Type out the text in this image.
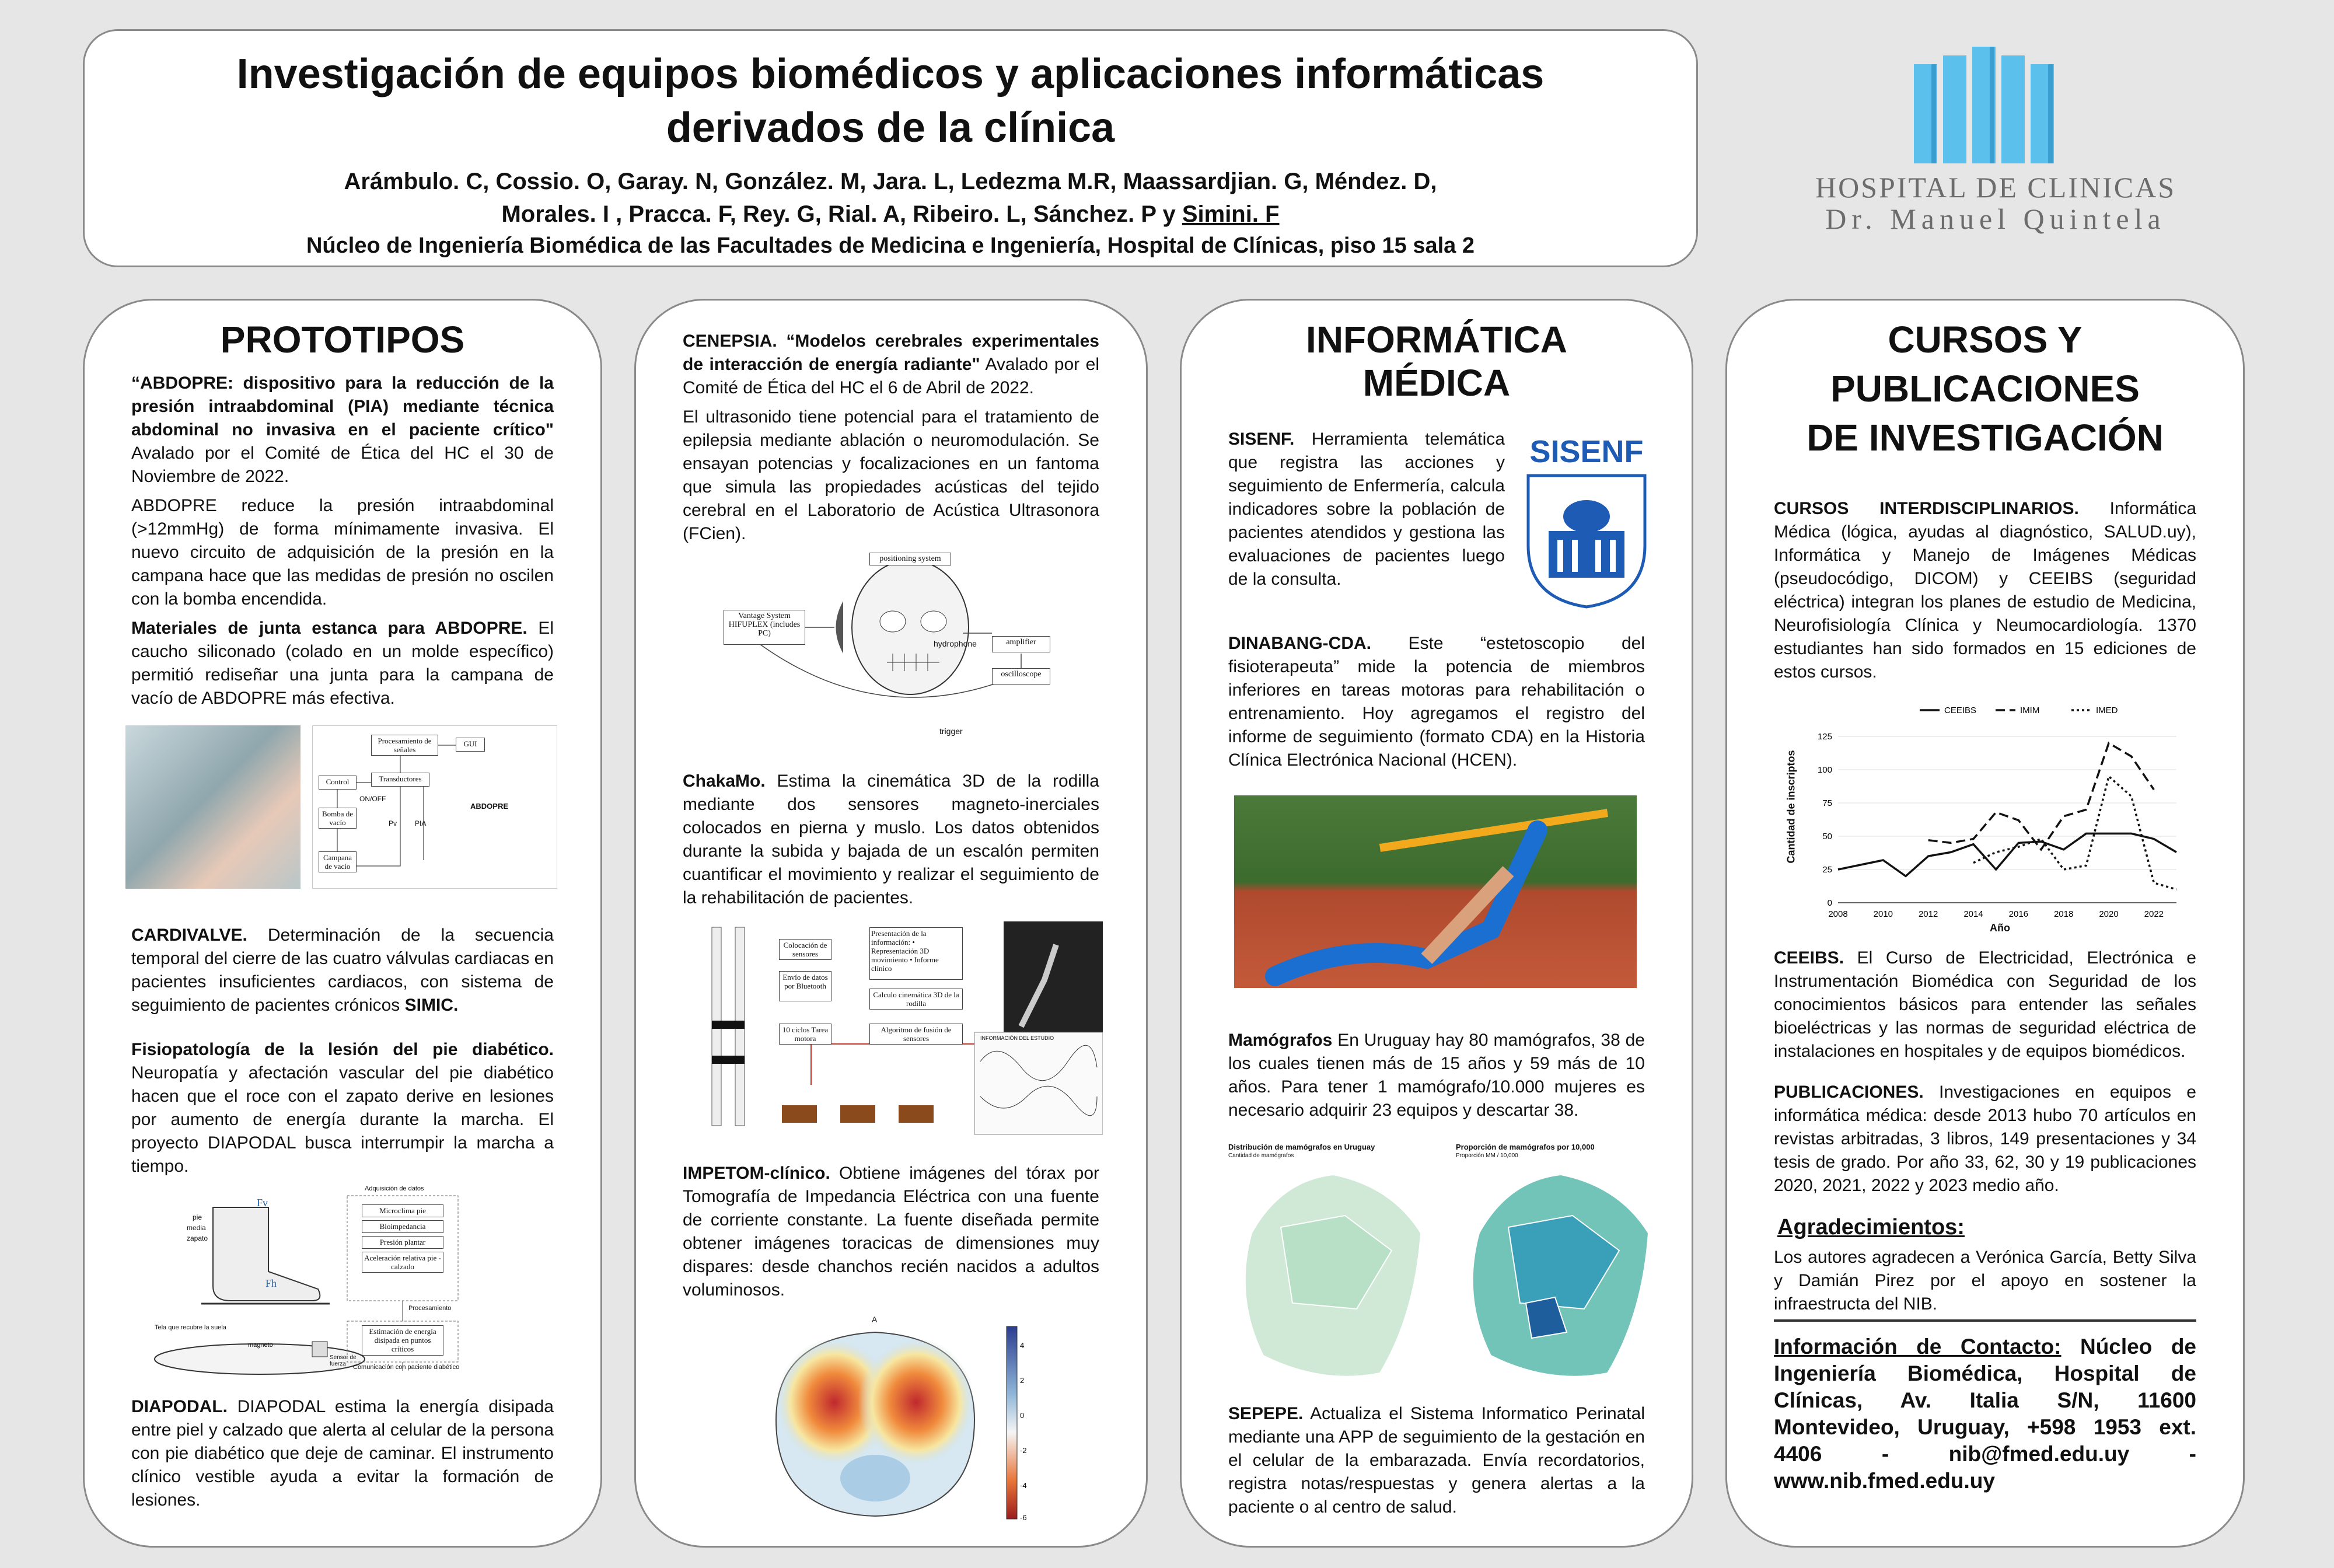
Investigación de equipos biomédicos y aplicaciones informáticas
derivados de la clínica
Arámbulo. C, Cossio. O, Garay. N, González. M, Jara. L, Ledezma M.R, Maassardjian. G, Méndez. D,
Morales. I , Pracca. F, Rey. G, Rial. A, Ribeiro. L, Sánchez. P y Simini. F
Núcleo de Ingeniería Biomédica de las Facultades de Medicina e Ingeniería, Hospital de Clínicas, piso 15 sala 2
HOSPITAL DE CLINICAS
Dr. Manuel Quintela
PROTOTIPOS

“ABDOPRE: dispositivo para la reducción de la presión intraabdominal (PIA) mediante técnica abdominal no invasiva en el paciente crítico" Avalado por el Comité de Ética del HC el 30 de Noviembre de 2022.

ABDOPRE reduce la presión intraabdominal (>12mmHg) de forma mínimamente invasiva. El nuevo circuito de adquisición de la presión en la campana hace que las medidas de presión no oscilen con la bomba encendida.

Materiales de junta estanca para ABDOPRE. El caucho siliconado (colado en un molde específico) permitió rediseñar una junta para la campana de vacío de ABDOPRE más efectiva.

Procesamiento de señales
GUI
Control	Transductores
Bomba de vacío
Campana de vacío
ON/OFF
Pv	PIA
ABDOPRE

CARDIVALVE. Determinación de la secuencia temporal del cierre de las cuatro válvulas cardiacas en pacientes insuficientes cardiacos, con sistema de seguimiento de pacientes crónicos SIMIC.

Fisiopatología de la lesión del pie diabético. Neuropatía y afectación vascular del pie diabético hacen que el roce con el zapato derive en lesiones por aumento de energía durante la marcha. El proyecto DIAPODAL busca interrumpir la marcha a tiempo.

Fv
pie
media
zapato
Fh
Tela que recubre la suela
magneto
Sensor de fuerza
Adquisición de datos
Microclima pie
Bioimpedancia
Presión plantar
Aceleración relativa pie - calzado
Procesamiento
Estimación de energía disipada en puntos críticos
Comunicación con paciente diabético

DIAPODAL. DIAPODAL estima la energía disipada entre piel y calzado que alerta al celular de la persona con pie diabético que deje de caminar. El instrumento clínico vestible ayuda a evitar la formación de lesiones.

CENEPSIA. “Modelos cerebrales experimentales de interacción de energía radiante" Avalado por el Comité de Ética del HC el 6 de Abril de 2022.

El ultrasonido tiene potencial para el tratamiento de epilepsia mediante ablación o neuromodulación. Se ensayan potencias y focalizaciones en un fantoma que simula las propiedades acústicas del tejido cerebral en el Laboratorio de Acústica Ultrasonora (FCien).

positioning system
Vantage System HIFUPLEX (includes PC)
hydrophone	amplifier
oscilloscope
trigger

ChakaMo. Estima la cinemática 3D de la rodilla mediante dos sensores magneto-inerciales colocados en pierna y muslo. Los datos obtenidos durante la subida y bajada de un escalón permiten cuantificar el movimiento y realizar el seguimiento de la rehabilitación de pacientes.

Colocación de sensores
Envío de datos por Bluetooth
10 ciclos Tarea motora
Presentación de la información: • Representación 3D movimiento • Informe clínico
Calculo cinemática 3D de la rodilla
Algoritmo de fusión de sensores	INFORMACIÓN DEL ESTUDIO

IMPETOM-clínico. Obtiene imágenes del tórax por Tomografía de Impedancia Eléctrica con una fuente de corriente constante. La fuente diseñada permite obtener imágenes toracicas de dimensiones muy dispares: desde chanchos recién nacidos a adultos voluminosos.

A
4
2
0
-2
-4
-6
INFORMÁTICA MÉDICA
SISENF

SISENF. Herramienta telemática que registra las acciones y seguimiento de Enfermería, calcula indicadores sobre la población de pacientes atendidos y gestiona las evaluaciones de pacientes luego de la consulta.

DINABANG-CDA. Este “estetoscopio del fisioterapeuta” mide la potencia de miembros inferiores en tareas motoras para rehabilitación o entrenamiento. Hoy agregamos el registro del informe de seguimiento (formato CDA) en la Historia Clínica Electrónica Nacional (HCEN).

Mamógrafos En Uruguay hay 80 mamógrafos, 38 de los cuales tienen más de 15 años y 59 más de 10 años. Para tener 1 mamógrafo/10.000 mujeres es necesario adquirir 23 equipos y descartar 38.

Distribución de mamógrafos en Uruguay
Cantidad de mamógrafos
Proporción de mamógrafos por 10,000
Proporción MM / 10,000

SEPEPE. Actualiza el Sistema Informatico Perinatal mediante una APP de seguimiento de la gestación en el celular de la embarazada. Envía recordatorios, registra notas/respuestas y genera alertas a la paciente o al centro de salud.

CURSOS Y PUBLICACIONES
DE INVESTIGACIÓN

CURSOS INTERDISCIPLINARIOS. Informática Médica (lógica, ayudas al diagnóstico, SALUD.uy), Informática y Manejo de Imágenes Médicas (pseudocódigo, DICOM) y CEEIBS (seguridad eléctrica) integran los planes de estudio de Medicina, Neurofisiología Clínica y Neumocardiología. 1370 estudiantes han sido formados en 15 ediciones de estos cursos.

0
25
50
75
100
125
2008	2010	2012	2014	2016	2018	2020	2022
CEEIBS	IMIM	IMED
Cantidad de inscriptos
Año

CEEIBS. El Curso de Electricidad, Electrónica e Instrumentación Biomédica con Seguridad de los conocimientos básicos para entender las señales bioeléctricas y las normas de seguridad eléctrica de instalaciones en hospitales y de equipos biomédicos.

PUBLICACIONES. Investigaciones en equipos e informática médica: desde 2013 hubo 70 artículos en revistas arbitradas, 3 libros, 149 presentaciones y 34 tesis de grado. Por año 33, 62, 30 y 19 publicaciones 2020, 2021, 2022 y 2023 medio año.

Agradecimientos:

Los autores agradecen a Verónica García, Betty Silva y Damián Pirez por el apoyo en sostener la infraestructa del NIB.

Información de Contacto: Núcleo de Ingeniería Biomédica, Hospital de Clínicas, Av. Italia S/N, 11600 Montevideo, Uruguay, +598 1953 ext. 4406 - nib@fmed.edu.uy - www.nib.fmed.edu.uy
